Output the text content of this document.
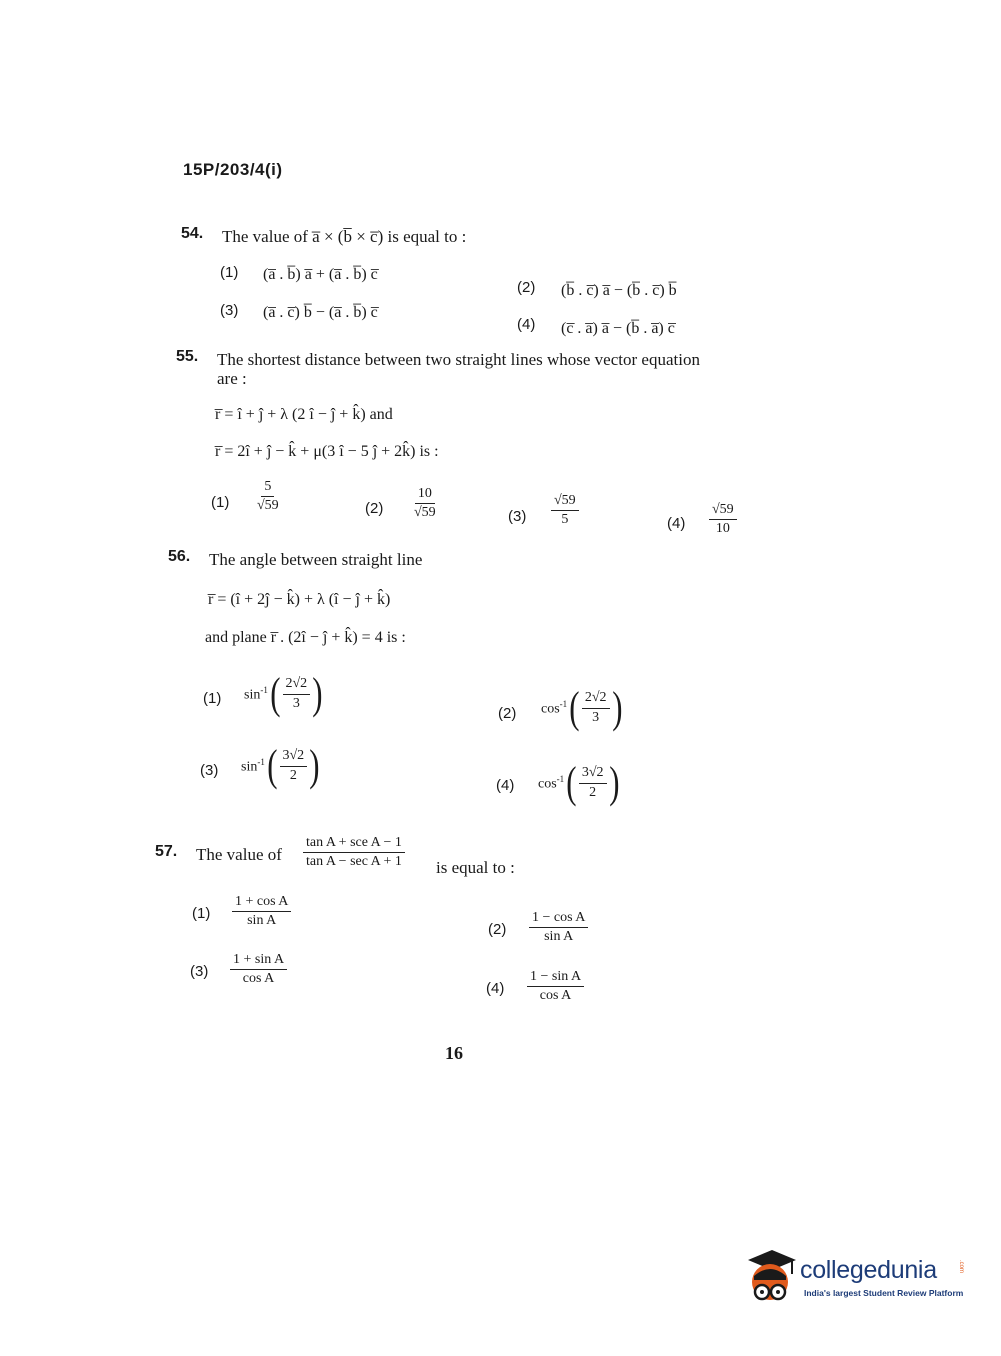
15P/203/4(i)
54. The value of a̅ × (b̅ × c̅) is equal to :
(1) (a̅ . b̅) a̅ + (a̅ . b̅) c̅
(2) (b̅ . c̅) a̅ − (b̅ . c̅) b̅
(3) (a̅ . c̅) b̅ − (a̅ . b̅) c̅
(4) (c̅ . a̅) a̅ − (b̅ . a̅) c̅
55. The shortest distance between two straight lines whose vector equation
are :
r̅ = î + ĵ + λ (2 î − ĵ + k̂) and
r̅ = 2î + ĵ − k̂ + μ(3 î − 5 ĵ + 2k̂) is :
$(1) \frac{5}{√59}$	$(2) \frac{10}{√59}$	$(3) \frac{√59}{5}$	$(4) \frac{√59}{10}$
56. The angle between straight line
r̅ = (î + 2ĵ − k̂) + λ (î − ĵ + k̂)
and plane r̅ . (2î − ĵ + k̂) = 4 is :
(1) $\sin^{-1}$ ( $\frac{2√2}{3}$ )	(2) $\cos^{-1}$ ( $\frac{2√2}{3}$ )
(3) $\sin^{-1}$ ( $\frac{3√2}{2}$ )	(4) $\cos^{-1}$ ( $\frac{3√2}{2}$ )
57. The value of
tan A + sce A − 1
tan A − sec A + 1 is equal to :
$(1) \frac{\text{1 + cos A}}{\text{sin A}}$
$(2) \frac{\text{1 − cos A}}{\text{sin A}}$
$(3) \frac{\text{1 + sin A}}{\text{cos A}}$
$(4) \frac{\text{1 − sin A}}{\text{cos A}}$
16
collegedunia	.com
India's largest Student Review Platform
